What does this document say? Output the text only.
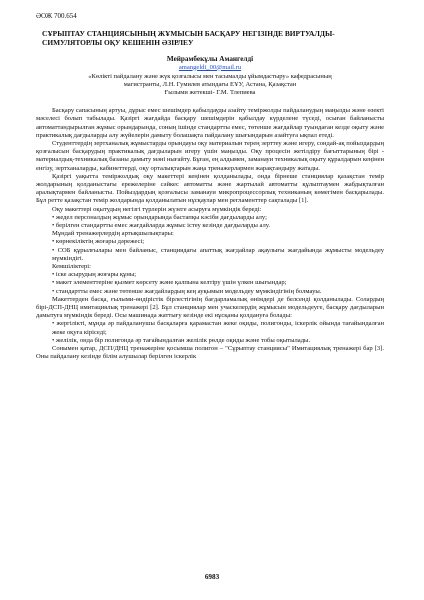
ӘОЖ 700.654
СҰРЫПТАУ СТАНЦИЯСЫНЫҢ ЖҰМЫСЫН БАСҚАРУ НЕГІЗІНДЕ ВИРТУАЛДЫ-СИМУЛЯТОРЛЫ ОҚУ КЕШЕНІН ӘЗІРЛЕУ
Мейрамбекұлы Амангелді
amangeldi_00@mail.ru
«Көлікті пайдалану және жүк қозғалысы мен тасымалды ұйымдастыру» кафедрасының
магистранты, Л.Н. Гумилев атындағы ЕҰУ, Астана, Қазақстан
Ғылыми жетекші- Г.М. Тлепиева

Басқару сапасының артуы, дұрыс емес шешімдер қабылдауды азайту теміржолды пайдаланудың маңызды және өзекті мәселесі болып табылады. Қазіргі жағдайда басқару шешімдерін қабылдау күрделене түседі, осыған байланысты автоматтандырылған жұмыс орындарында, соның ішінде стандартты емес, төтенше жағдайлар туындаған кезде оқыту және практикалық дағдыларды алу жүйелерін дамыту болашақта пайдалану шығындарын азайтуға ықпал етеді.

Студенттердің зертханалық жұмыстарды орындауы оқу материалын терең зерттеу және игеру, сондай-ақ пойыздардың қозғалысын басқарудың практикалық дағдыларын игеру үшін маңызды. Оқу процесін жетілдіру бағыттарының бірі - материалдық-техникалық базаны дамыту мәні нығайту. Бұған, ең алдымен, заманауи техникалық оқыту құралдарын кеңінен енгізу, зертханаларды, кабинеттерді, оқу орталықтарын жаңа тренажерлармен жарақтандыру жатады.

Қазіргі уақытта теміржолдық оқу макеттері кеңінен қолданылады, онда бірнеше станциялар қазақстан темір жолдарының қолданыстағы ережелеріне сәйкес автоматты және жартылай автоматты құлыптаумен жабдықталған аралықтармен байланысты. Пойыздардың қозғалысы заманауи микропроцессорлық техниканың көмегімен басқарылады. Бұл ретте қазақстан темір жолдарында қолданылатын нұсқаулар мен регламенттер сақталады [1].

Оқу макеттері оқытудың негізгі түрлерін жүзеге асыруға мүмкіндік береді:

• жедел персоналдың жұмыс орындарында бастапқы кәсіби дағдыларды алу;

• берілген стандартты емес жағдайларда жұмыс істеу кезінде дағдыларды алу.

Мұндай тренажерлердің артықшылықтары:

• көрнекіліктің жоғары дәрежесі;

• СОБ құрылғылары мен байланыс, станциядағы апаттық жағдайлар ақаулығы жағдайында жұмысты модельдеу мүмкіндігі.

Кемшіліктері:

• іске асырудың жоғары құны;

• макет элементтеріне қызмет көрсету және қалпына келтіру үшін үлкен шығындар;

• стандартты емес және төтенше жағдайлардың кең ауқымын модельдеу мүмкіндігінің болмауы.

Макеттерден басқа, ғылыми-өндірістік бірлестігінің бағдарламалық өнімдері де белсенді қолданылады. Солардың бірі-ДСП-ДНЦ имитациялық тренажері [2]. Бұл станциялар мен учаскелердің жұмысын модельдеуге, басқару дағдыларын дамытуға мүмкіндік береді. Осы машинада жаттығу кезінде екі нұсқаны қолдануға болады:

• жергілікті, мұнда әр пайдаланушы басқаларға қарамастан жеке оқиды, полигонды, іскерлік ойында тағайындалған жеке оқуға кіріседі;

• желілік, онда бір полигонда әр тағайындалған желілік рөлде оқиды және тобы оқытылады.

Сонымен қатар, ДСП/ДНЦ тренажеріне қосымша полигон – "Сұрыптау станциясы" Имитациялық тренажері бар [3]. Оны пайдалану кезінде білім алушылар берілген іскерлік

6983
